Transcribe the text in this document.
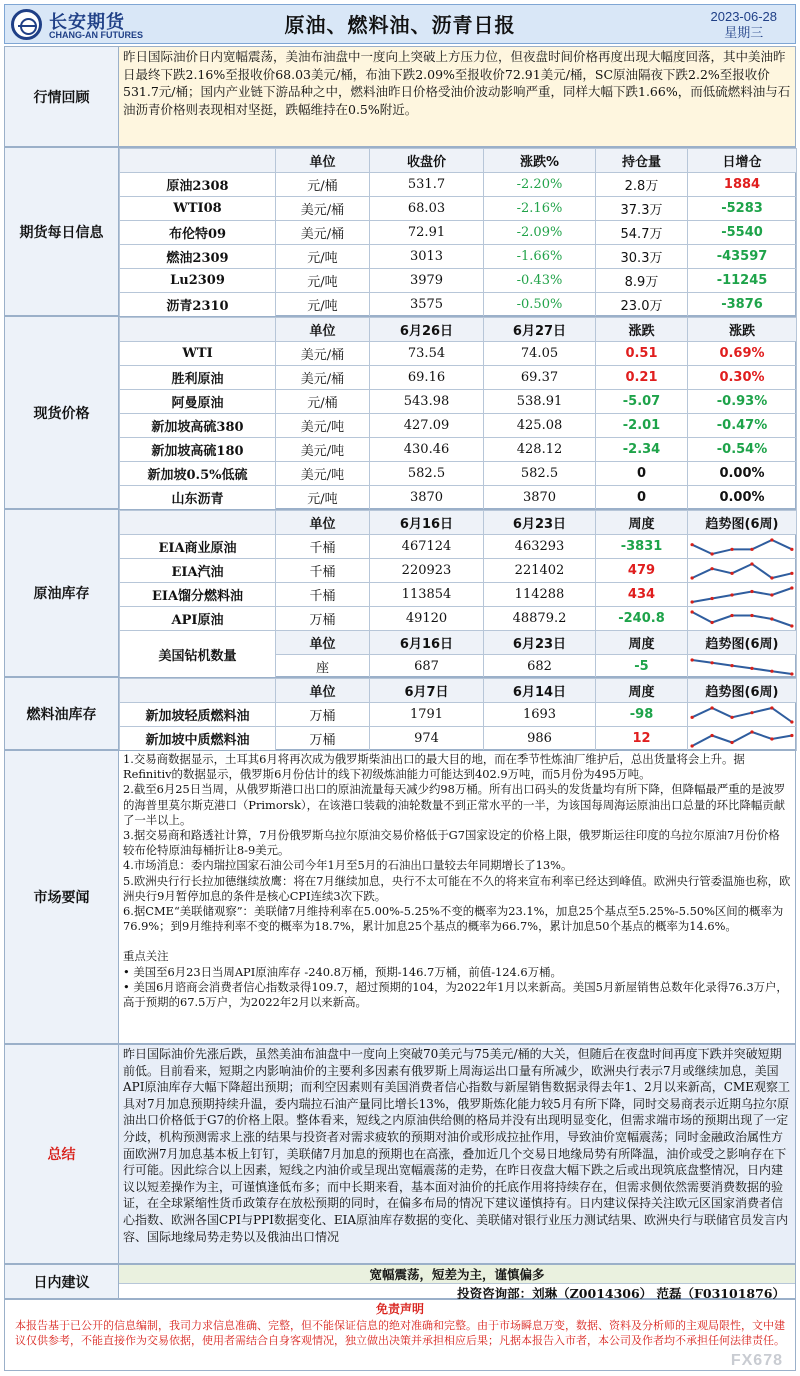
长安期货
CHANG-AN FUTURES	原油、燃料油、沥青日报	2023-06-28
星期三
行情回顾
昨日国际油价日内宽幅震荡，美油布油盘中一度向上突破上方压力位，但夜盘时间价格再度出现大幅度回落，其中美油昨日最终下跌2.16%至报收价68.03美元/桶，布油下跌2.09%至报收价72.91美元/桶，SC原油隔夜下跌2.2%至报收价531.7元/桶；国内产业链下游品种之中，燃料油昨日价格受油价波动影响严重，同样大幅下跌1.66%，而低硫燃料油与石油沥青价格则表现相对坚挺，跌幅维持在0.5%附近。
期货每日信息
	单位	收盘价	涨跌%	持仓量	日增仓
原油2308	元/桶	531.7	-2.20%	2.8万	1884
WTI08	美元/桶	68.03	-2.16%	37.3万	-5283
布伦特09	美元/桶	72.91	-2.09%	54.7万	-5540
燃油2309	元/吨	3013	-1.66%	30.3万	-43597
Lu2309	元/吨	3979	-0.43%	8.9万	-11245
沥青2310	元/吨	3575	-0.50%	23.0万	-3876
现货价格
	单位	6月26日	6月27日	涨跌	涨跌
WTI	美元/桶	73.54	74.05	0.51	0.69%
胜利原油	美元/桶	69.16	69.37	0.21	0.30%
阿曼原油	元/桶	543.98	538.91	-5.07	-0.93%
新加坡高硫380	美元/吨	427.09	425.08	-2.01	-0.47%
新加坡高硫180	美元/吨	430.46	428.12	-2.34	-0.54%
新加坡0.5%低硫	美元/吨	582.5	582.5	0	0.00%
山东沥青	元/吨	3870	3870	0	0.00%
原油库存
	单位	6月16日	6月23日	周度	趋势图(6周)
EIA商业原油	千桶	467124	463293	-3831	

EIA汽油	千桶	220923	221402	479	

EIA馏分燃料油	千桶	113854	114288	434	

API原油	万桶	49120	48879.2	-240.8	

美国钻机数量	单位	6月16日	6月23日	周度	趋势图(6周)
	座	687	682	-5	
燃料油库存
	单位	6月7日	6月14日	周度	趋势图(6周)
新加坡轻质燃料油	万桶	1791	1693	-98	

新加坡中质燃料油	万桶	974	986	12	
市场要闻

1.交易商数据显示，土耳其6月将再次成为俄罗斯柴油出口的最大目的地，而在季节性炼油厂维护后，总出货量将会上升。据Refinitiv的数据显示，俄罗斯6月份估计的线下初级炼油能力可能达到402.9万吨，而5月份为495万吨。

2.截至6月25日当周，从俄罗斯港口出口的原油流量每天减少约98万桶。所有出口码头的发货量均有所下降，但降幅最严重的是波罗的海普里莫尔斯克港口（Primorsk），在该港口装载的油轮数量不到正常水平的一半，为该国每周海运原油出口总量的环比降幅贡献了一半以上。

3.据交易商和路透社计算，7月份俄罗斯乌拉尔原油交易价格低于G7国家设定的价格上限，俄罗斯运往印度的乌拉尔原油7月份价格较布伦特原油每桶折让8-9美元。

4.市场消息：委内瑞拉国家石油公司今年1月至5月的石油出口量较去年同期增长了13%。

5.欧洲央行行长拉加德继续放鹰：将在7月继续加息，央行不太可能在不久的将来宣布利率已经达到峰值。欧洲央行管委温施也称，欧洲央行9月暂停加息的条件是核心CPI连续3次下跌。

6.据CME“美联储观察”：美联储7月维持利率在5.00%-5.25%不变的概率为23.1%，加息25个基点至5.25%-5.50%区间的概率为76.9%；到9月维持利率不变的概率为18.7%，累计加息25个基点的概率为66.7%，累计加息50个基点的概率为14.6%。

重点关注

• 美国至6月23日当周API原油库存 -240.8万桶，预期-146.7万桶，前值-124.6万桶。

• 美国6月谘商会消费者信心指数录得109.7，超过预期的104，为2022年1月以来新高。美国5月新屋销售总数年化录得76.3万户，高于预期的67.5万户，为2022年2月以来新高。

总结
昨日国际油价先涨后跌，虽然美油布油盘中一度向上突破70美元与75美元/桶的大关，但随后在夜盘时间再度下跌并突破短期前低。目前看来，短期之内影响油价的主要利多因素有俄罗斯上周海运出口量有所减少，欧洲央行表示7月或继续加息，美国API原油库存大幅下降超出预期；而利空因素则有美国消费者信心指数与新屋销售数据录得去年1、2月以来新高，CME观察工具对7月加息预期持续升温，委内瑞拉石油产量同比增长13%，俄罗斯炼化能力较5月有所下降，同时交易商表示近期乌拉尔原油出口价格低于G7的价格上限。整体看来，短线之内原油供给侧的格局并没有出现明显变化，但需求端市场的预期出现了一定分歧，机构预测需求上涨的结果与投资者对需求疲软的预期对油价或形成拉扯作用，导致油价宽幅震荡；同时金融政治属性方面欧洲7月加息基本板上钉钉，美联储7月加息的预期也在高涨，叠加近几个交易日地缘局势有所降温，油价或受之影响存在下行可能。因此综合以上因素，短线之内油价或呈现出宽幅震荡的走势，在昨日夜盘大幅下跌之后或出现筑底盘整情况，日内建议以短差操作为主，可谨慎逢低布多；而中长期来看，基本面对油价的托底作用将持续存在，但需求侧依然需要消费数据的验证，在全球紧缩性货币政策存在放松预期的同时，在偏多布局的情况下建议谨慎持有。日内建议保持关注欧元区国家消费者信心指数、欧洲各国CPI与PPI数据变化、EIA原油库存数据的变化、美联储对银行业压力测试结果、欧洲央行与联储官员发言内容、国际地缘局势走势以及俄油出口情况
日内建议	宽幅震荡，短差为主，谨慎偏多
投资咨询部：刘琳（Z0014306） 范磊（F03101876）
免责声明
本报告基于已公开的信息编制，我司力求信息准确、完整，但不能保证信息的绝对准确和完整。由于市场瞬息万变，数据、资料及分析师的主观局限性，文中建议仅供参考，不能直接作为交易依据，使用者需结合自身客观情况，独立做出决策并承担相应后果；凡据本报告入市者，本公司及作者均不承担任何法律责任。
FX678
